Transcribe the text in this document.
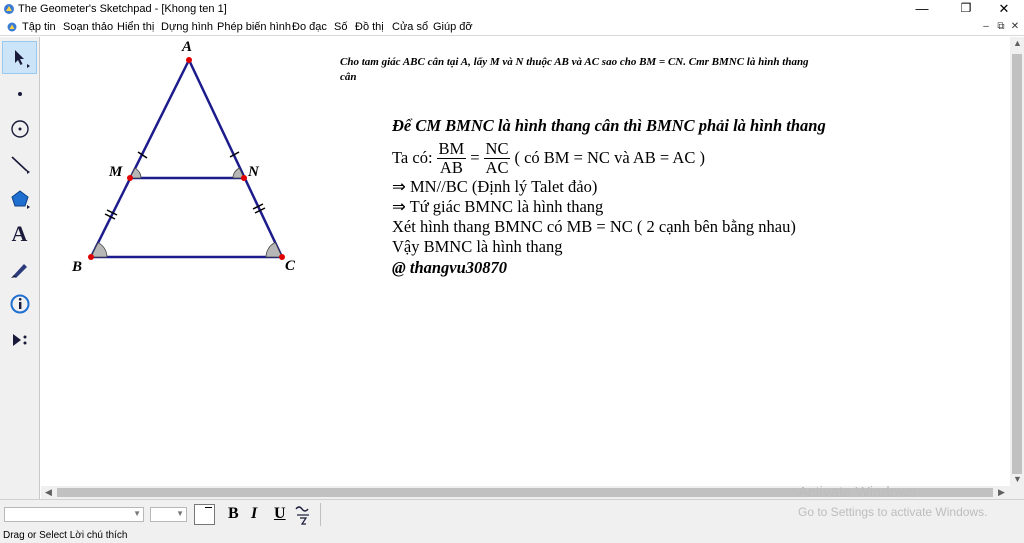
The Geometer's Sketchpad - [Khong ten 1]	—	❐	✕
Tập tin Soạn thảo Hiển thị Dựng hình Phép biến hình Đo đạc Số Đồ thị Cửa sổ Giúp đỡ	– ⧉ ✕
A
A
B	C
M	N
Cho tam giác ABC cân tại A, lấy M và N thuộc AB và AC sao cho BM = CN. Cmr BMNC là hình thang cân
Để CM BMNC là hình thang cân thì BMNC phải là hình thang
Ta có: $\frac{BM}{AB} = \frac{NC}{AC}$ ( có BM = NC và AB = AC )
⇒ MN//BC (Định lý Talet đảo)
⇒ Tứ giác BMNC là hình thang
Xét hình thang BMNC có MB = NC ( 2 cạnh bên bằng nhau)
Vậy BMNC là hình thang
@ thangvu30870
▲
▼
◀	▶
▼	▼	B I U
Activate Windows
Go to Settings to activate Windows.
Drag or Select Lời chú thích
